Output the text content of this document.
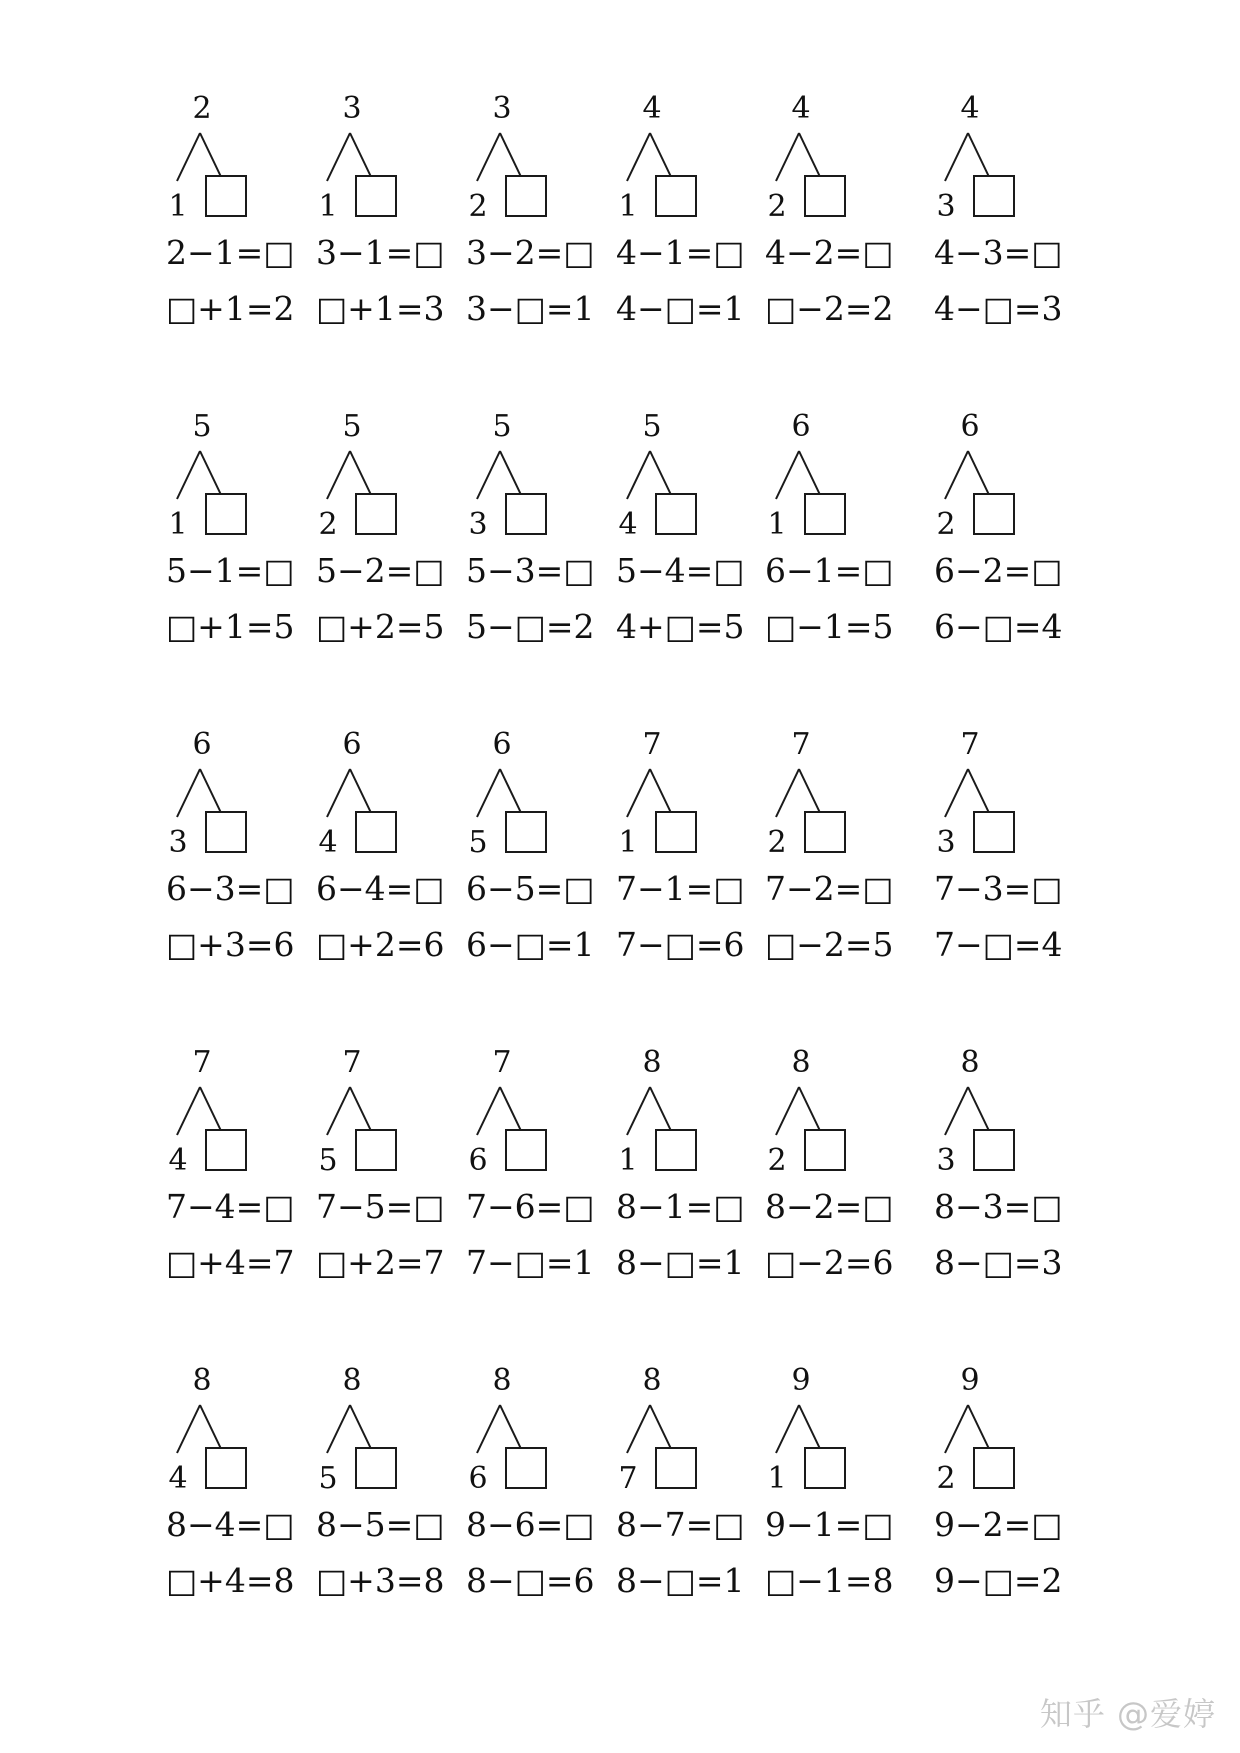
2
1
2−1=□
□+1=2
3
1
3−1=□
□+1=3
3
2
3−2=□
3−□=1
4
1
4−1=□
4−□=1
4
2
4−2=□
□−2=2
4
3
4−3=□
4−□=3
5
1
5−1=□
□+1=5
5
2
5−2=□
□+2=5
5
3
5−3=□
5−□=2
5
4
5−4=□
4+□=5
6
1
6−1=□
□−1=5
6
2
6−2=□
6−□=4
6
3
6−3=□
□+3=6
6
4
6−4=□
□+2=6
6
5
6−5=□
6−□=1
7
1
7−1=□
7−□=6
7
2
7−2=□
□−2=5
7
3
7−3=□
7−□=4
7
4
7−4=□
□+4=7
7
5
7−5=□
□+2=7
7
6
7−6=□
7−□=1
8
1
8−1=□
8−□=1
8
2
8−2=□
□−2=6
8
3
8−3=□
8−□=3
8
4
8−4=□
□+4=8
8
5
8−5=□
□+3=8
8
6
8−6=□
8−□=6
8
7
8−7=□
8−□=1
9
1
9−1=□
□−1=8
9
2
9−2=□
9−□=2
知乎 @爱婷
